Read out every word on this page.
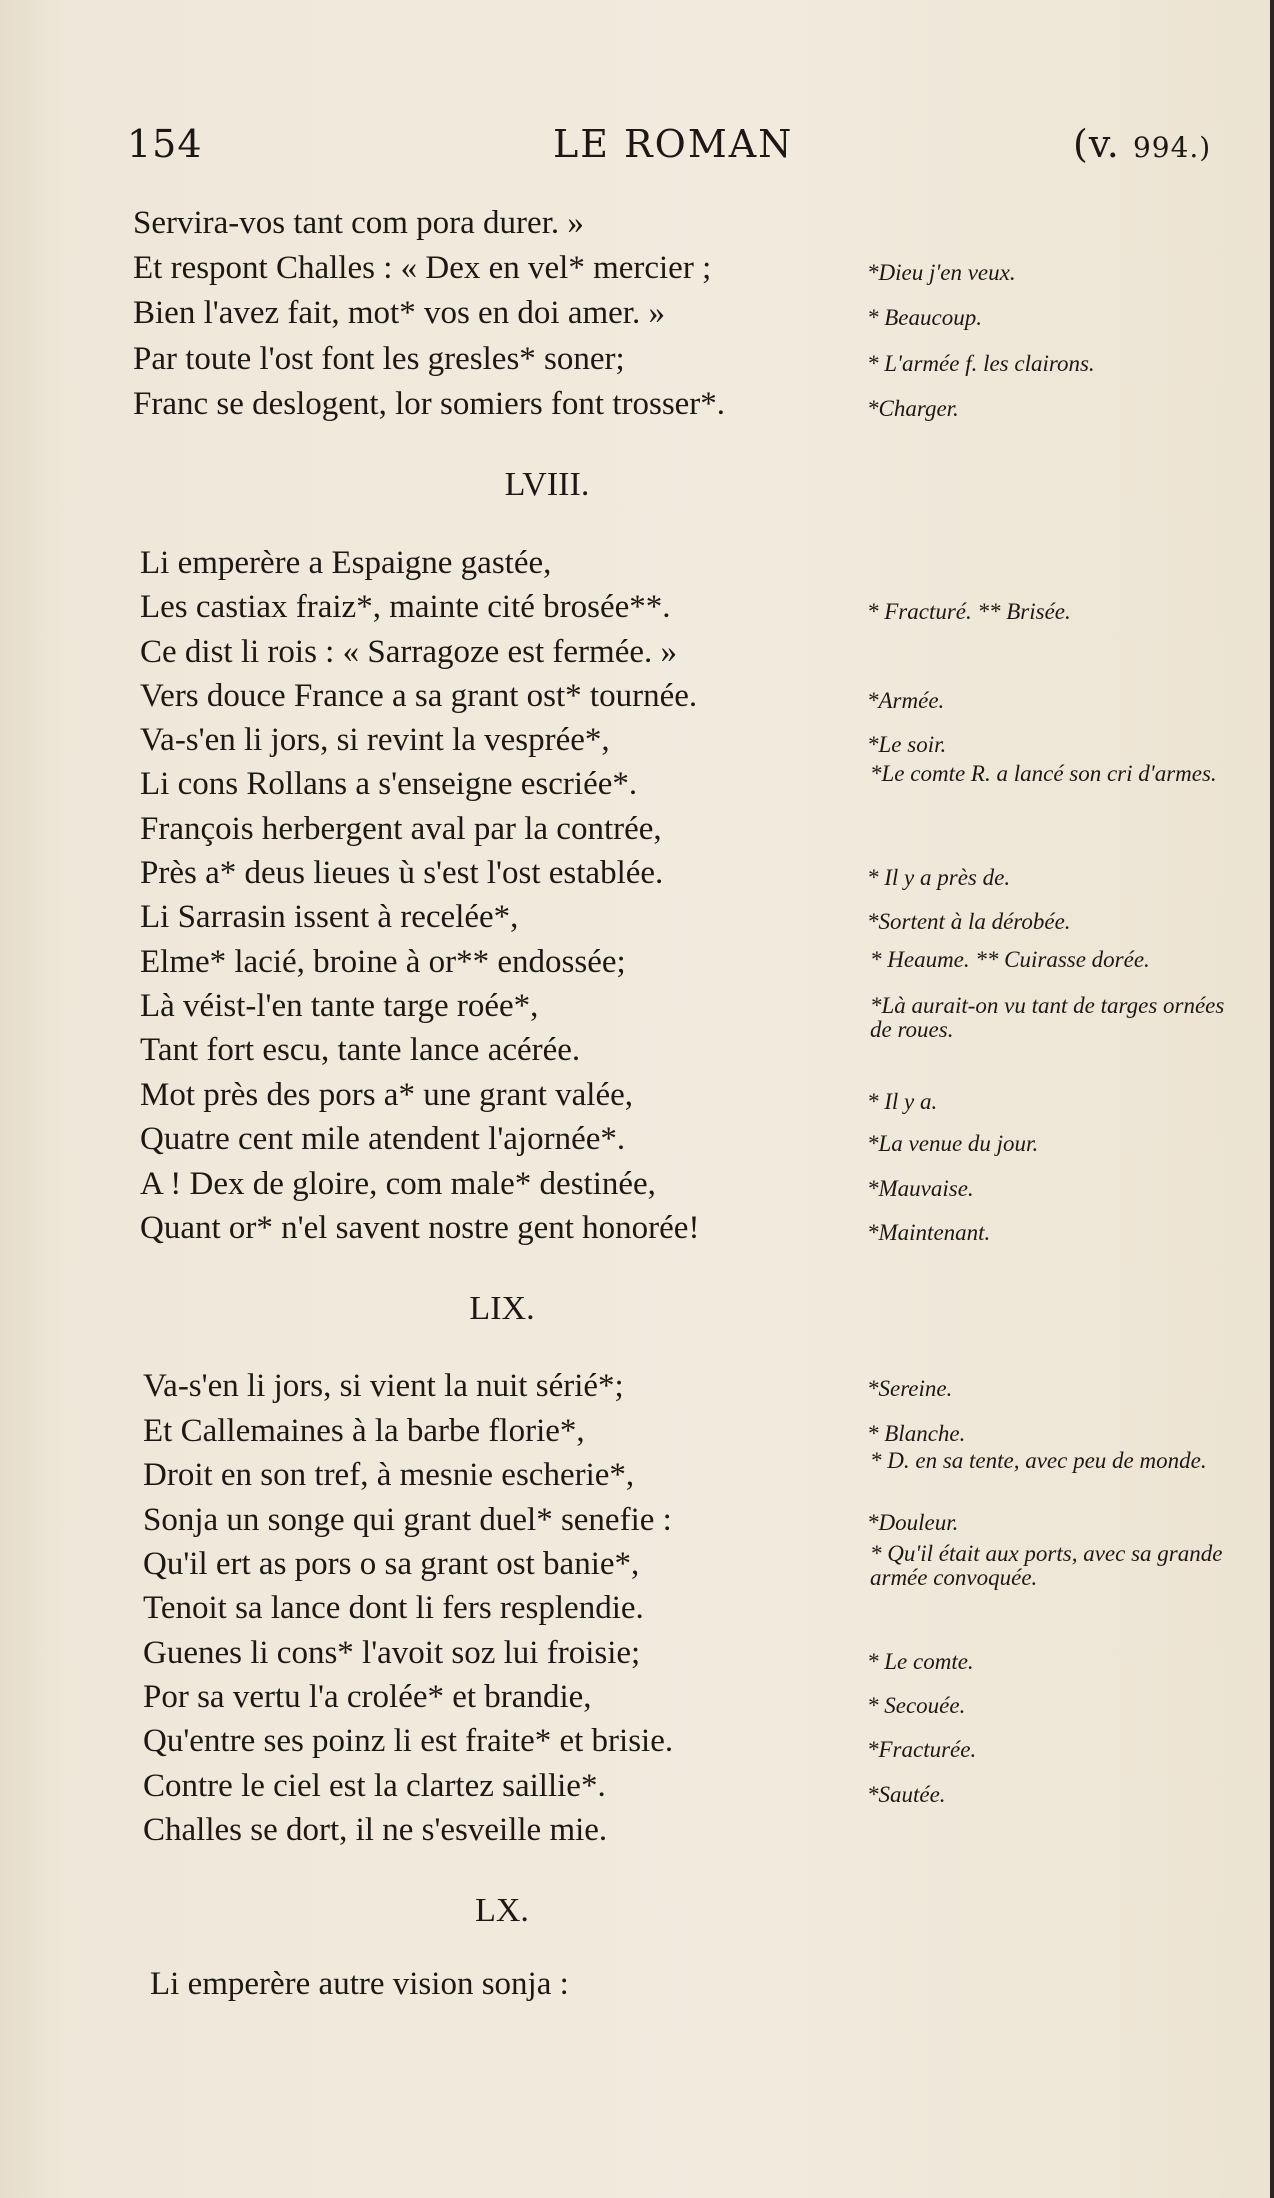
154	LE ROMAN	(v. 994.)
Servira-vos tant com pora durer. »
Et respont Challes : « Dex en vel* mercier ;	*Dieu j'en veux.
Bien l'avez fait, mot* vos en doi amer. »	* Beaucoup.
Par toute l'ost font les gresles* soner;	* L'armée f. les clairons.
Franc se deslogent, lor somiers font trosser*.	*Charger.
LVIII.
Li emperère a Espaigne gastée,
Les castiax fraiz*, mainte cité brosée**.	* Fracturé. ** Brisée.
Ce dist li rois : « Sarragoze est fermée. »
Vers douce France a sa grant ost* tournée.	*Armée.
Va-s'en li jors, si revint la vesprée*,	*Le soir.
Li cons Rollans a s'enseigne escriée*.	*Le comte R. a lancé son cri d'armes.
François herbergent aval par la contrée,
Près a* deus lieues ù s'est l'ost establée.	* Il y a près de.
Li Sarrasin issent à recelée*,	*Sortent à la dérobée.
Elme* lacié, broine à or** endossée;	* Heaume. ** Cuirasse dorée.
Là véist-l'en tante targe roée*,	*Là aurait-on vu tant de targes ornées de roues.
Tant fort escu, tante lance acérée.
Mot près des pors a* une grant valée,	* Il y a.
Quatre cent mile atendent l'ajornée*.	*La venue du jour.
A ! Dex de gloire, com male* destinée,	*Mauvaise.
Quant or* n'el savent nostre gent honorée!	*Maintenant.
LIX.
Va-s'en li jors, si vient la nuit sérié*;	*Sereine.
Et Callemaines à la barbe florie*,	* Blanche.
Droit en son tref, à mesnie escherie*,	* D. en sa tente, avec peu de monde.
Sonja un songe qui grant duel* senefie :	*Douleur.
Qu'il ert as pors o sa grant ost banie*,	* Qu'il était aux ports, avec sa grande armée convoquée.
Tenoit sa lance dont li fers resplendie.
Guenes li cons* l'avoit soz lui froisie;	* Le comte.
Por sa vertu l'a crolée* et brandie,	* Secouée.
Qu'entre ses poinz li est fraite* et brisie.	*Fracturée.
Contre le ciel est la clartez saillie*.	*Sautée.
Challes se dort, il ne s'esveille mie.
LX.
Li emperère autre vision sonja :
